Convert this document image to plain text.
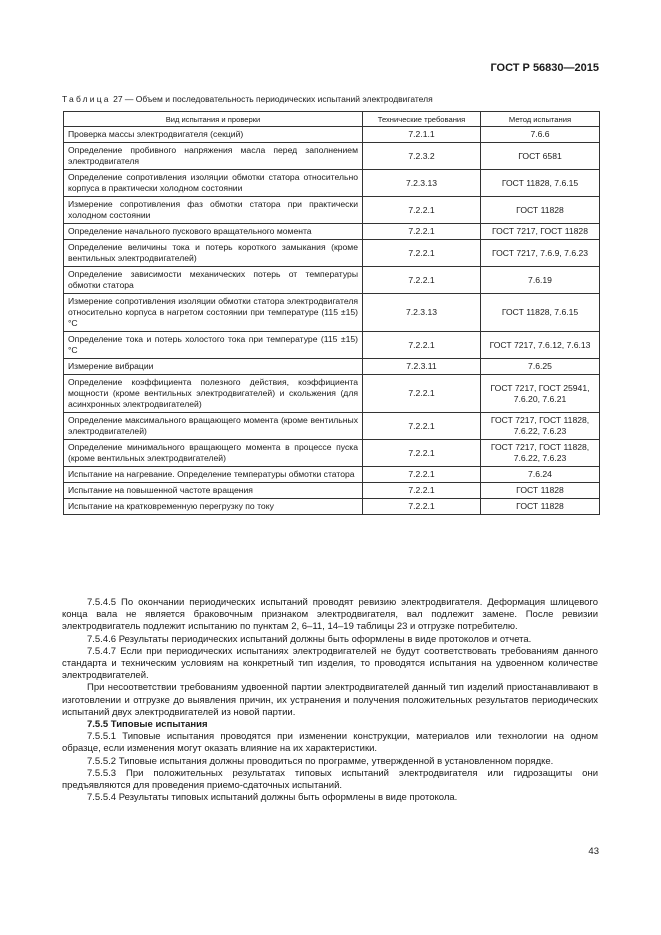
ГОСТ Р 56830—2015
Таблица 27 — Объем и последовательность периодических испытаний электродвигателя
Вид испытания и проверки	Технические требования	Метод испытания
Проверка массы электродвигателя (секций)	7.2.1.1	7.6.6
Определение пробивного напряжения масла перед заполнением электродвигателя	7.2.3.2	ГОСТ 6581
Определение сопротивления изоляции обмотки статора относительно корпуса в практически холодном состоянии	7.2.3.13	ГОСТ 11828, 7.6.15
Измерение сопротивления фаз обмотки статора при практически холодном состоянии	7.2.2.1	ГОСТ 11828
Определение начального пускового вращательного момента	7.2.2.1	ГОСТ 7217, ГОСТ 11828
Определение величины тока и потерь короткого замыкания (кроме вентильных электродвигателей)	7.2.2.1	ГОСТ 7217, 7.6.9, 7.6.23
Определение зависимости механических потерь от температуры обмотки статора	7.2.2.1	7.6.19
Измерение сопротивления изоляции обмотки статора электродвигателя относительно корпуса в нагретом состоянии при температуре (115 ±15) °С	7.2.3.13	ГОСТ 11828, 7.6.15
Определение тока и потерь холостого тока при температуре (115 ±15) °С	7.2.2.1	ГОСТ 7217, 7.6.12, 7.6.13
Измерение вибрации	7.2.3.11	7.6.25
Определение коэффициента полезного действия, коэффициента мощности (кроме вентильных электродвигателей) и скольжения (для асинхронных электродвигателей)	7.2.2.1	ГОСТ 7217, ГОСТ 25941, 7.6.20, 7.6.21
Определение максимального вращающего момента (кроме вентильных электродвигателей)	7.2.2.1	ГОСТ 7217, ГОСТ 11828, 7.6.22, 7.6.23
Определение минимального вращающего момента в процессе пуска (кроме вентильных электродвигателей)	7.2.2.1	ГОСТ 7217, ГОСТ 11828, 7.6.22, 7.6.23
Испытание на нагревание. Определение температуры обмотки статора	7.2.2.1	7.6.24
Испытание на повышенной частоте вращения	7.2.2.1	ГОСТ 11828
Испытание на кратковременную перегрузку по току	7.2.2.1	ГОСТ 11828

7.5.4.5 По окончании периодических испытаний проводят ревизию электродвигателя. Деформация шлицевого конца вала не является браковочным признаком электродвигателя, вал подлежит замене. После ревизии электродвигатель подлежит испытанию по пунктам 2, 6–11, 14–19 таблицы 23 и отгрузке потребителю.

7.5.4.6 Результаты периодических испытаний должны быть оформлены в виде протоколов и отчета.

7.5.4.7 Если при периодических испытаниях электродвигателей не будут соответствовать требованиям данного стандарта и техническим условиям на конкретный тип изделия, то проводятся испытания на удвоенном количестве электродвигателей.

При несоответствии требованиям удвоенной партии электродвигателей данный тип изделий приостанавливают в изготовлении и отгрузке до выявления причин, их устранения и получения положительных результатов периодических испытаний двух электродвигателей из новой партии.

7.5.5 Типовые испытания

7.5.5.1 Типовые испытания проводятся при изменении конструкции, материалов или технологии на одном образце, если изменения могут оказать влияние на их характеристики.

7.5.5.2 Типовые испытания должны проводиться по программе, утвержденной в установленном порядке.

7.5.5.3 При положительных результатах типовых испытаний электродвигателя или гидрозащиты они предъявляются для проведения приемо-сдаточных испытаний.

7.5.5.4 Результаты типовых испытаний должны быть оформлены в виде протокола.

43
